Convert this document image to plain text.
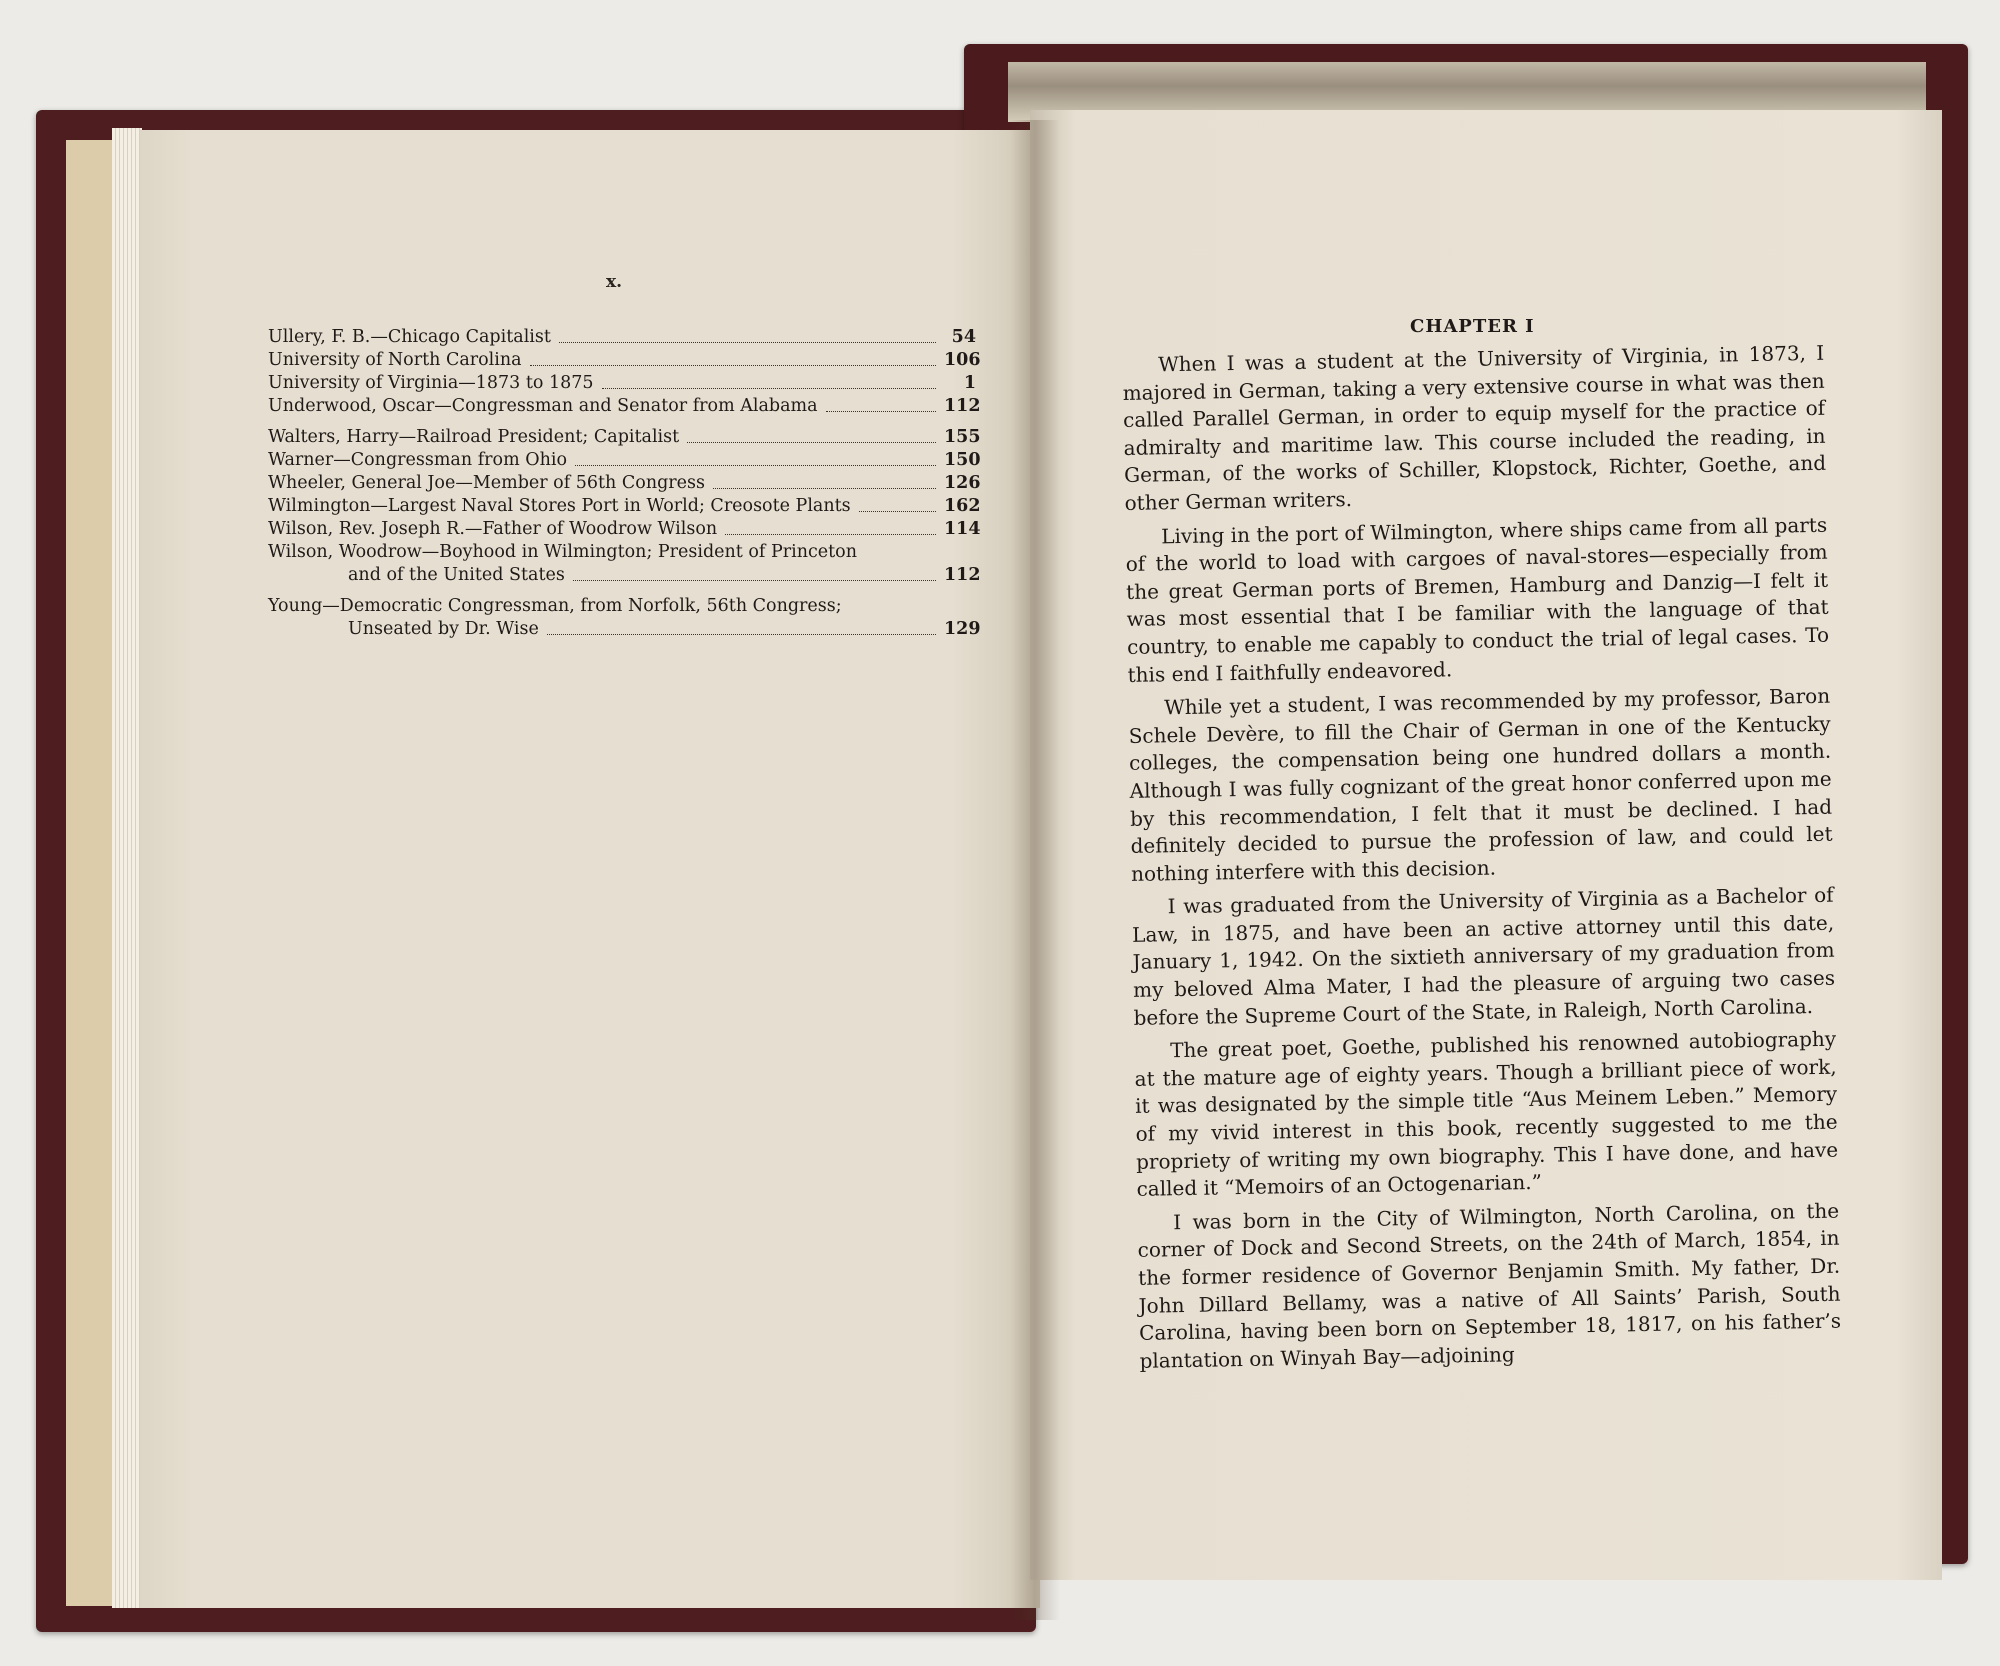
x.
Ullery, F. B.—Chicago Capitalist	54
University of North Carolina	106
University of Virginia—1873 to 1875	1
Underwood, Oscar—Congressman and Senator from Alabama	112
Walters, Harry—Railroad President; Capitalist	155
Warner—Congressman from Ohio	150
Wheeler, General Joe—Member of 56th Congress	126
Wilmington—Largest Naval Stores Port in World; Creosote Plants	162
Wilson, Rev. Joseph R.—Father of Woodrow Wilson	114
Wilson, Woodrow—Boyhood in Wilmington; President of Princeton
and of the United States	112
Young—Democratic Congressman, from Norfolk, 56th Congress;
Unseated by Dr. Wise	129
CHAPTER I

When I was a student at the University of Virginia, in 1873, I majored in German, taking a very extensive course in what was then called Parallel German, in order to equip myself for the practice of admiralty and maritime law. This course included the reading, in German, of the works of Schiller, Klopstock, Richter, Goethe, and other German writers.

Living in the port of Wilmington, where ships came from all parts of the world to load with cargoes of naval-stores—especially from the great German ports of Bremen, Hamburg and Danzig—I felt it was most essential that I be familiar with the language of that country, to enable me capably to conduct the trial of legal cases. To this end I faithfully endeavored.

While yet a student, I was recommended by my professor, Baron Schele Devère, to fill the Chair of German in one of the Kentucky colleges, the compensation being one hundred dollars a month. Although I was fully cognizant of the great honor conferred upon me by this recommendation, I felt that it must be declined. I had definitely decided to pursue the profession of law, and could let nothing interfere with this decision.

I was graduated from the University of Virginia as a Bachelor of Law, in 1875, and have been an active attorney until this date, January 1, 1942. On the sixtieth anniversary of my graduation from my beloved Alma Mater, I had the pleasure of arguing two cases before the Supreme Court of the State, in Raleigh, North Carolina.

The great poet, Goethe, published his renowned autobiography at the mature age of eighty years. Though a brilliant piece of work, it was designated by the simple title “Aus Meinem Leben.” Memory of my vivid interest in this book, recently suggested to me the propriety of writing my own biography. This I have done, and have called it “Memoirs of an Octogenarian.”

I was born in the City of Wilmington, North Carolina, on the corner of Dock and Second Streets, on the 24th of March, 1854, in the former residence of Governor Benjamin Smith. My father, Dr. John Dillard Bellamy, was a native of All Saints’ Parish, South Carolina, having been born on September 18, 1817, on his father’s plantation on Winyah Bay—adjoining
